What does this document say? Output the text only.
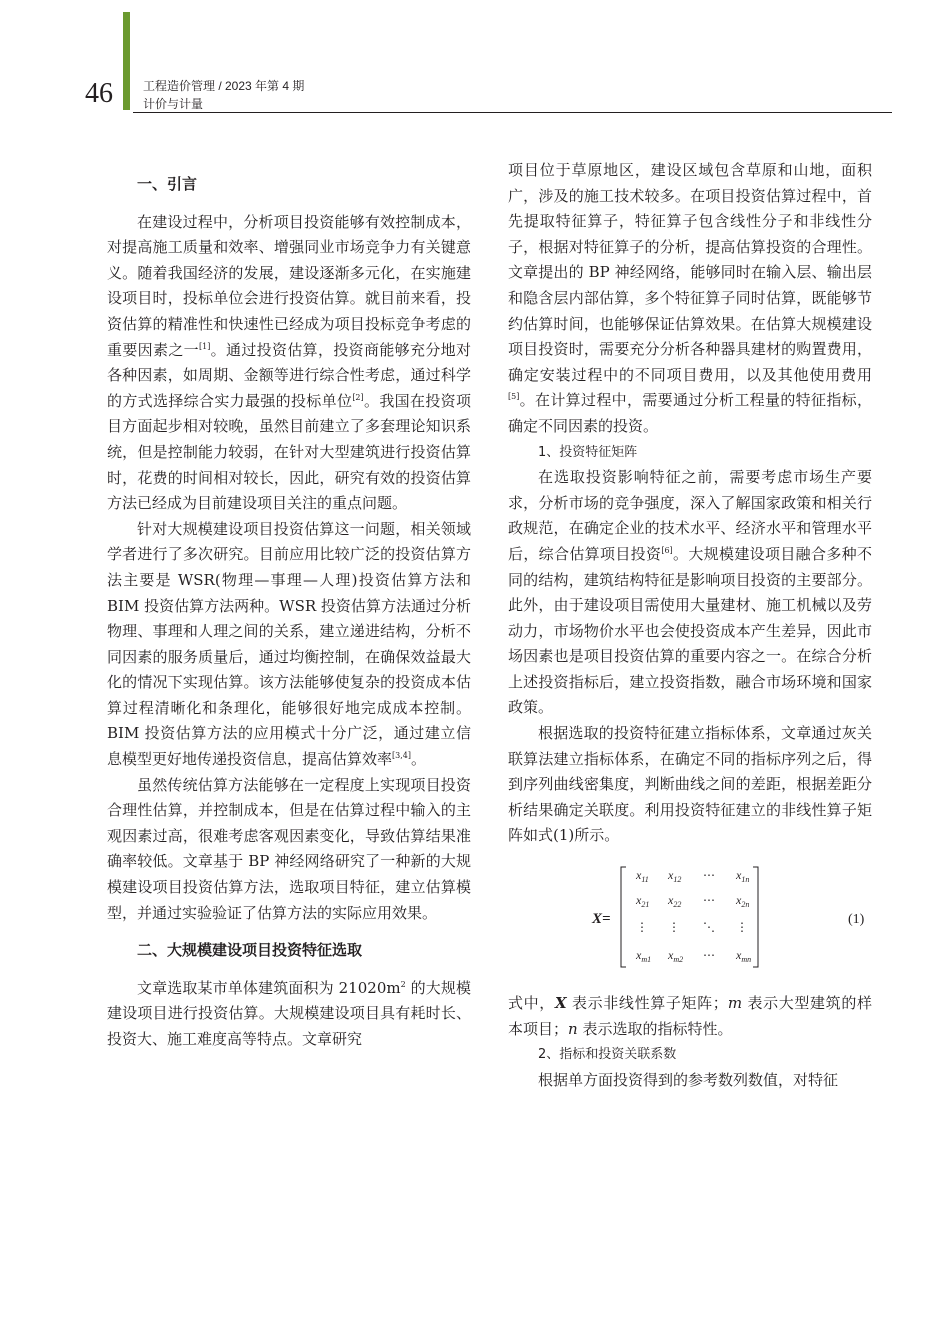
46	工程造价管理 / 2023 年第 4 期
计价与计量
一、引言

在建设过程中，分析项目投资能够有效控制成本，对提高施工质量和效率、增强同业市场竞争力有关键意义。随着我国经济的发展，建设逐渐多元化，在实施建设项目时，投标单位会进行投资估算。就目前来看，投资估算的精准性和快速性已经成为项目投标竞争考虑的重要因素之一[1]。通过投资估算，投资商能够充分地对各种因素，如周期、金额等进行综合性考虑，通过科学的方式选择综合实力最强的投标单位[2]。我国在投资项目方面起步相对较晚，虽然目前建立了多套理论知识系统，但是控制能力较弱，在针对大型建筑进行投资估算时，花费的时间相对较长，因此，研究有效的投资估算方法已经成为目前建设项目关注的重点问题。

针对大规模建设项目投资估算这一问题，相关领域学者进行了多次研究。目前应用比较广泛的投资估算方法主要是 WSR(物理—事理—人理)投资估算方法和 BIM 投资估算方法两种。WSR 投资估算方法通过分析物理、事理和人理之间的关系，建立递进结构，分析不同因素的服务质量后，通过均衡控制，在确保效益最大化的情况下实现估算。该方法能够使复杂的投资成本估算过程清晰化和条理化，能够很好地完成成本控制。BIM 投资估算方法的应用模式十分广泛，通过建立信息模型更好地传递投资信息，提高估算效率[3,4]。

虽然传统估算方法能够在一定程度上实现项目投资合理性估算，并控制成本，但是在估算过程中输入的主观因素过高，很难考虑客观因素变化，导致估算结果准确率较低。文章基于 BP 神经网络研究了一种新的大规模建设项目投资估算方法，选取项目特征，建立估算模型，并通过实验验证了估算方法的实际应用效果。

二、大规模建设项目投资特征选取

文章选取某市单体建筑面积为 $21020m^2$ 的大规模建设项目进行投资估算。大规模建设项目具有耗时长、投资大、施工难度高等特点。文章研究

项目位于草原地区，建设区域包含草原和山地，面积广，涉及的施工技术较多。在项目投资估算过程中，首先提取特征算子，特征算子包含线性分子和非线性分子，根据对特征算子的分析，提高估算投资的合理性。文章提出的 BP 神经网络，能够同时在输入层、输出层和隐含层内部估算，多个特征算子同时估算，既能够节约估算时间，也能够保证估算效果。在估算大规模建设项目投资时，需要充分分析各种器具建材的购置费用，确定安装过程中的不同项目费用，以及其他使用费用[5]。在计算过程中，需要通过分析工程量的特征指标，确定不同因素的投资。

1、投资特征矩阵

在选取投资影响特征之前，需要考虑市场生产要求，分析市场的竞争强度，深入了解国家政策和相关行政规范，在确定企业的技术水平、经济水平和管理水平后，综合估算项目投资[6]。大规模建设项目融合多种不同的结构，建筑结构特征是影响项目投资的主要部分。此外，由于建设项目需使用大量建材、施工机械以及劳动力，市场物价水平也会使投资成本产生差异，因此市场因素也是项目投资估算的重要内容之一。在综合分析上述投资指标后，建立投资指数，融合市场环境和国家政策。

根据选取的投资特征建立指标体系，文章通过灰关联算法建立指标体系，在确定不同的指标序列之后，得到序列曲线密集度，判断曲线之间的差距，根据差距分析结果确定关联度。利用投资特征建立的非线性算子矩阵如式(1)所示。

X=
$x_{11}$ $x_{12}$ ⋯ $x_{1n}$
$x_{21}$ $x_{22}$ ⋯ $x_{2n}$
⋮ ⋮ ⋱ ⋮
$x_{m1}$ $x_{m2}$ ⋯ $x_{mn}$
(1)

式中，X 表示非线性算子矩阵；m 表示大型建筑的样本项目；n 表示选取的指标特性。

2、指标和投资关联系数

根据单方面投资得到的参考数列数值，对特征
